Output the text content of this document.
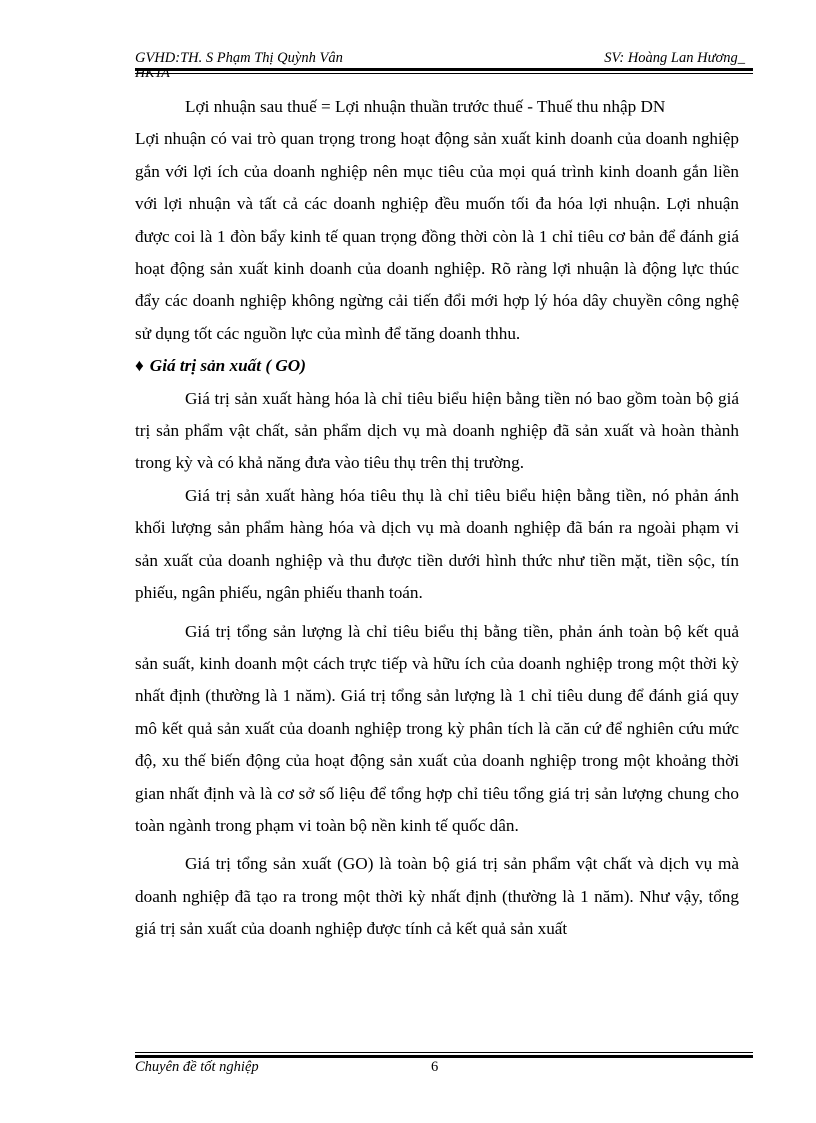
GVHD:TH. S Phạm Thị Quỳnh Vân
HKTA
SV: Hoàng Lan Hương_

Lợi nhuận sau thuế = Lợi nhuận thuần trước thuế - Thuế thu nhập DN

Lợi nhuận có vai trò quan trọng trong hoạt động sản xuất kinh doanh của doanh nghiệp gắn với lợi ích của doanh nghiệp nên mục tiêu của mọi quá trình kinh doanh gắn liền với lợi nhuận và tất cả các doanh nghiệp đều muốn tối đa hóa lợi nhuận. Lợi nhuận được coi là 1 đòn bẩy kinh tế quan trọng đồng thời còn là 1 chỉ tiêu cơ bản để đánh giá hoạt động sản xuất kinh doanh của doanh nghiệp. Rõ ràng lợi nhuận là động lực thúc đẩy các doanh nghiệp không ngừng cải tiến đổi mới hợp lý hóa dây chuyền công nghệ sử dụng tốt các nguồn lực của mình để tăng doanh thhu.

♦ Giá trị sản xuất ( GO)

Giá trị sản xuất hàng hóa là chỉ tiêu biểu hiện bằng tiền nó bao gồm toàn bộ giá trị sản phẩm vật chất, sản phẩm dịch vụ mà doanh nghiệp đã sản xuất và hoàn thành trong kỳ và có khả năng đưa vào tiêu thụ trên thị trường.

Giá trị sản xuất hàng hóa tiêu thụ là chỉ tiêu biểu hiện bằng tiền, nó phản ánh khối lượng sản phẩm hàng hóa và dịch vụ mà doanh nghiệp đã bán ra ngoài phạm vi sản xuất của doanh nghiệp và thu được tiền dưới hình thức như tiền mặt, tiền sộc, tín phiếu, ngân phiếu, ngân phiếu thanh toán.

Giá trị tổng sản lượng là chỉ tiêu biểu thị bằng tiền, phản ánh toàn bộ kết quả sản suất, kinh doanh một cách trực tiếp và hữu ích của doanh nghiệp trong một thời kỳ nhất định (thường là 1 năm). Giá trị tổng sản lượng là 1 chỉ tiêu dung để đánh giá quy mô kết quả sản xuất của doanh nghiệp trong kỳ phân tích là căn cứ để nghiên cứu mức độ, xu thế biến động của hoạt động sản xuất của doanh nghiệp trong một khoảng thời gian nhất định và là cơ sở số liệu để tổng hợp chỉ tiêu tổng giá trị sản lượng chung cho toàn ngành trong phạm vi toàn bộ nền kinh tế quốc dân.

Giá trị tổng sản xuất (GO) là toàn bộ giá trị sản phẩm vật chất và dịch vụ mà doanh nghiệp đã tạo ra trong một thời kỳ nhất định (thường là 1 năm). Như vậy, tổng giá trị sản xuất của doanh nghiệp được tính cả kết quả sản xuất

Chuyên đề tốt nghiệp	6
